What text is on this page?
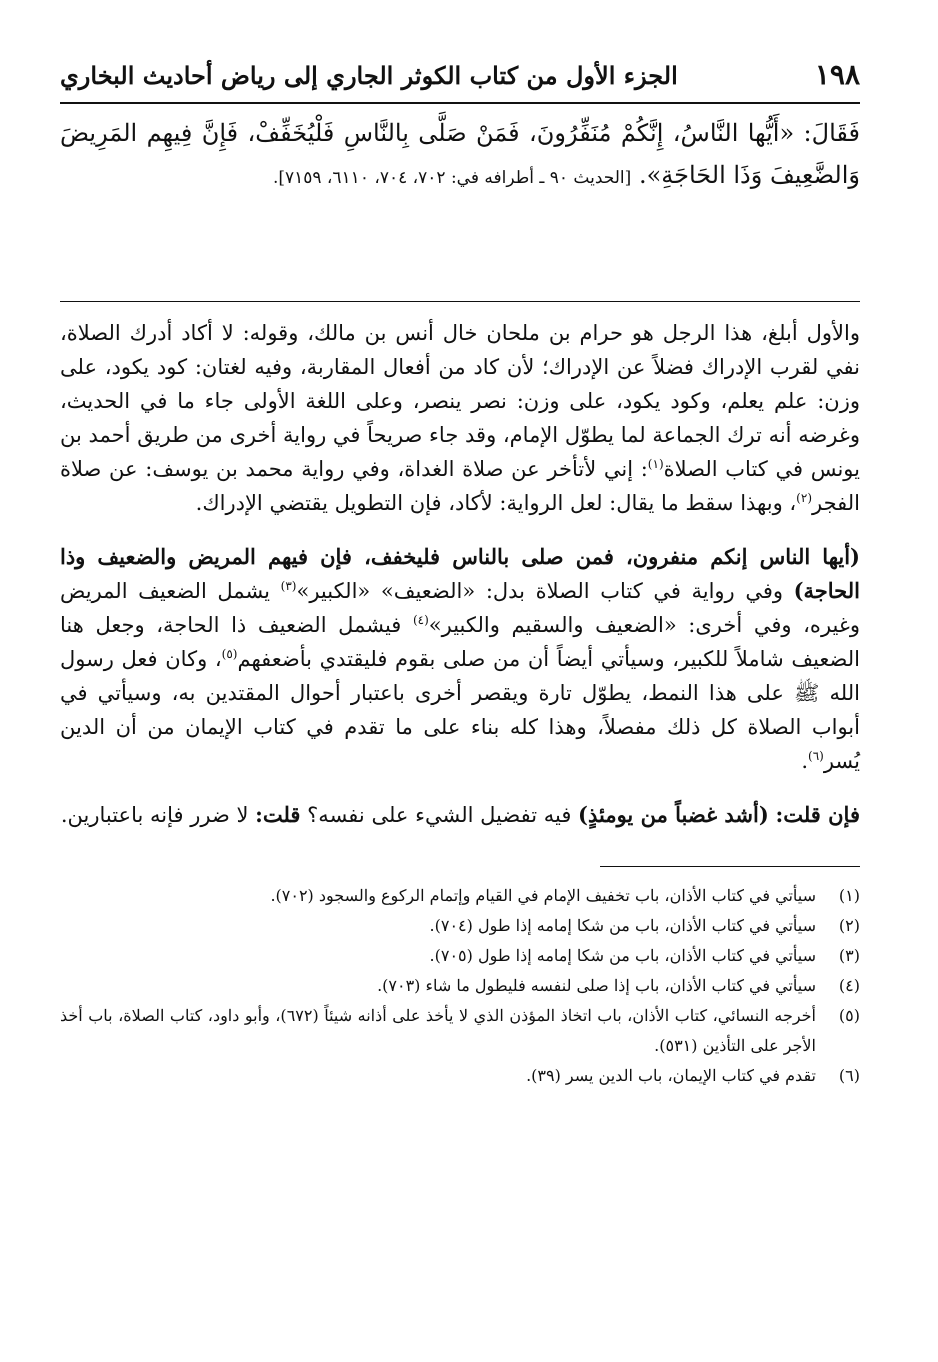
١٩٨
الجزء الأول من كتاب الكوثر الجاري إلى رياض أحاديث البخاري
فَقَالَ: «أَيُّها النَّاسُ، إِنَّكُمْ مُنَفِّرُونَ، فَمَنْ صَلَّى بِالنَّاسِ فَلْيُخَفِّفْ، فَإِنَّ فِيهِم المَرِيضَ وَالضَّعِيفَ وَذَا الحَاجَةِ». [الحديث ٩٠ ـ أطرافه في: ٧٠٢، ٧٠٤، ٦١١٠، ٧١٥٩].

والأول أبلغ، هذا الرجل هو حرام بن ملحان خال أنس بن مالك، وقوله: لا أكاد أدرك الصلاة، نفي لقرب الإدراك فضلاً عن الإدراك؛ لأن كاد من أفعال المقاربة، وفيه لغتان: كود يكود، على وزن: علم يعلم، وكود يكود، على وزن: نصر ينصر، وعلى اللغة الأولى جاء ما في الحديث، وغرضه أنه ترك الجماعة لما يطوّل الإمام، وقد جاء صريحاً في رواية أخرى من طريق أحمد بن يونس في كتاب الصلاة$^{(١)}$: إني لأتأخر عن صلاة الغداة، وفي رواية محمد بن يوسف: عن صلاة الفجر$^{(٢)}$، وبهذا سقط ما يقال: لعل الرواية: لأكاد، فإن التطويل يقتضي الإدراك.

(أيها الناس إنكم منفرون، فمن صلى بالناس فليخفف، فإن فيهم المريض والضعيف وذا الحاجة) وفي رواية في كتاب الصلاة بدل: «الضعيف» «الكبير»$^{(٣)}$ يشمل الضعيف المريض وغيره، وفي أخرى: «الضعيف والسقيم والكبير»$^{(٤)}$ فيشمل الضعيف ذا الحاجة، وجعل هنا الضعيف شاملاً للكبير، وسيأتي أيضاً أن من صلى بقوم فليقتدي بأضعفهم$^{(٥)}$، وكان فعل رسول الله ﷺ على هذا النمط، يطوّل تارة ويقصر أخرى باعتبار أحوال المقتدين به، وسيأتي في أبواب الصلاة كل ذلك مفصلاً، وهذا كله بناء على ما تقدم في كتاب الإيمان من أن الدين يُسر$^{(٦)}$.

فإن قلت: (أشد غضباً من يومئذٍ) فيه تفضيل الشيء على نفسه؟ قلت: لا ضرر فإنه باعتبارين.

(١)
سيأتي في كتاب الأذان، باب تخفيف الإمام في القيام وإتمام الركوع والسجود (٧٠٢).
(٢)
سيأتي في كتاب الأذان، باب من شكا إمامه إذا طول (٧٠٤).
(٣)
سيأتي في كتاب الأذان، باب من شكا إمامه إذا طول (٧٠٥).
(٤)
سيأتي في كتاب الأذان، باب إذا صلى لنفسه فليطول ما شاء (٧٠٣).
(٥)
أخرجه النسائي، كتاب الأذان، باب اتخاذ المؤذن الذي لا يأخذ على أذانه شيئاً (٦٧٢)، وأبو داود، كتاب الصلاة، باب أخذ الأجر على التأذين (٥٣١).
(٦)
تقدم في كتاب الإيمان، باب الدين يسر (٣٩).
